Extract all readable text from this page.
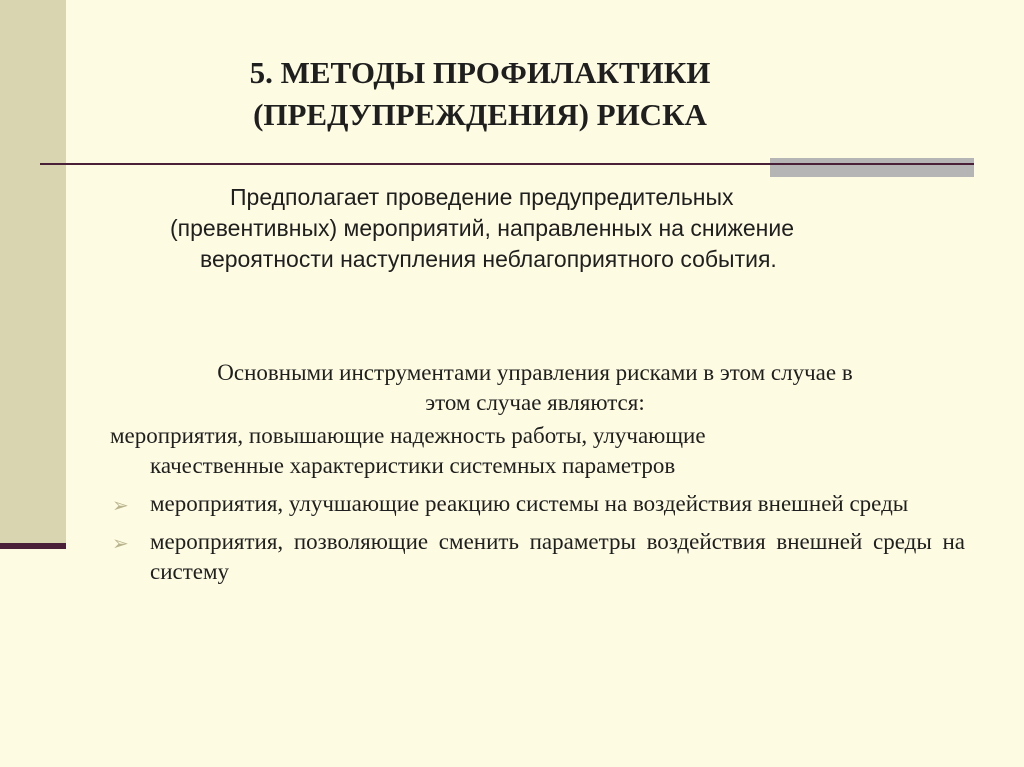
5. МЕТОДЫ ПРОФИЛАКТИКИ
(ПРЕДУПРЕЖДЕНИЯ) РИСКА
Предполагает проведение предупредительных
(превентивных) мероприятий, направленных на снижение
вероятности наступления неблагоприятного события.
Основными инструментами управления рисками в этом случае в
этом случае являются:
мероприятия, повышающие надежность работы, улучающие
качественные характеристики системных параметров
➢ мероприятия, улучшающие реакцию системы на воздействия внешней среды
➢ мероприятия, позволяющие сменить параметры воздействия внешней среды на систему
